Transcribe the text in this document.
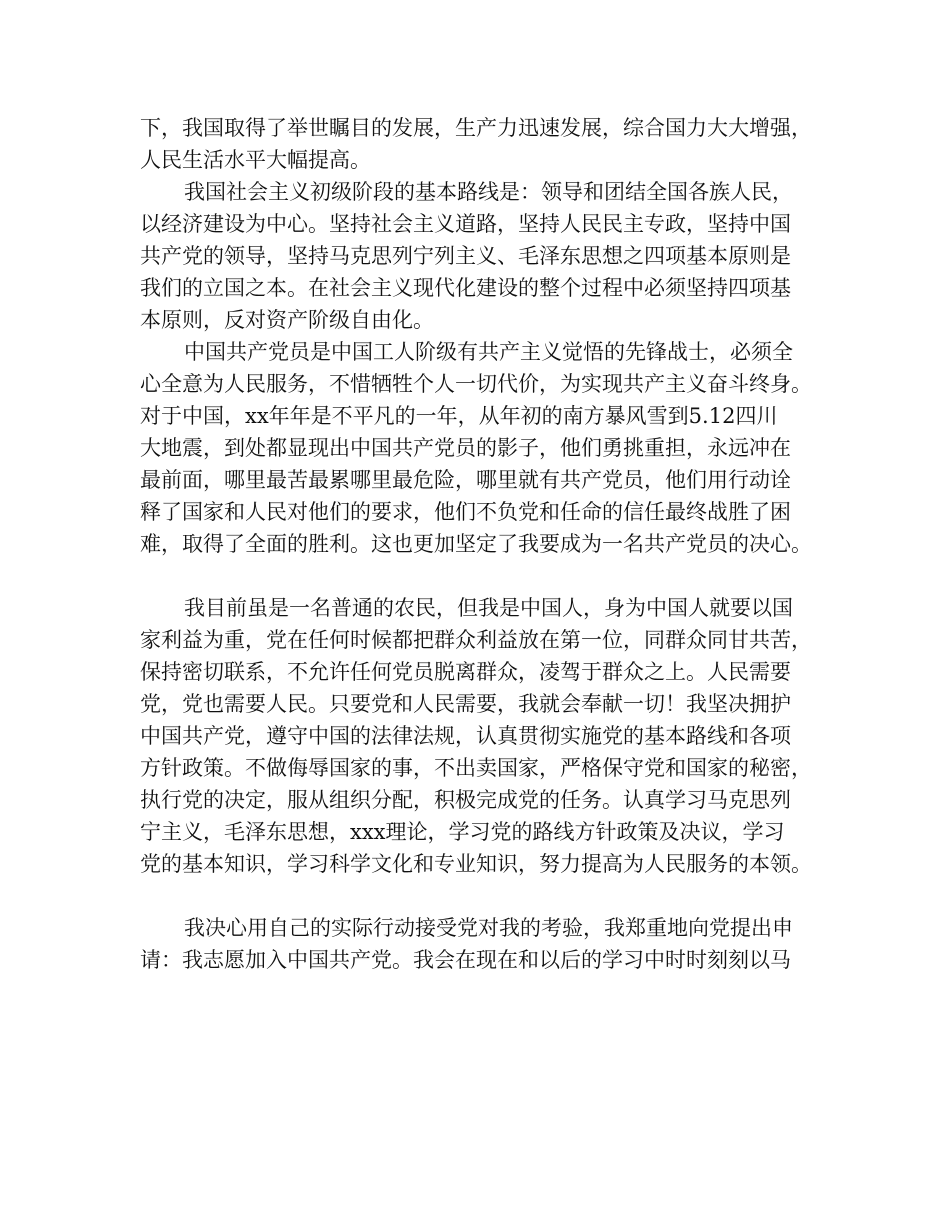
下，我国取得了举世瞩目的发展，生产力迅速发展，综合国力大大增强，
人民生活水平大幅提高。
我国社会主义初级阶段的基本路线是：领导和团结全国各族人民，
以经济建设为中心。坚持社会主义道路，坚持人民民主专政，坚持中国
共产党的领导，坚持马克思列宁列主义、毛泽东思想之四项基本原则是
我们的立国之本。在社会主义现代化建设的整个过程中必须坚持四项基
本原则，反对资产阶级自由化。
中国共产党员是中国工人阶级有共产主义觉悟的先锋战士，必须全
心全意为人民服务，不惜牺牲个人一切代价，为实现共产主义奋斗终身。
对于中国，xx年年是不平凡的一年，从年初的南方暴风雪到5.12四川
大地震，到处都显现出中国共产党员的影子，他们勇挑重担，永远冲在
最前面，哪里最苦最累哪里最危险，哪里就有共产党员，他们用行动诠
释了国家和人民对他们的要求，他们不负党和任命的信任最终战胜了困
难，取得了全面的胜利。这也更加坚定了我要成为一名共产党员的决心。
我目前虽是一名普通的农民，但我是中国人，身为中国人就要以国
家利益为重，党在任何时候都把群众利益放在第一位，同群众同甘共苦，
保持密切联系，不允许任何党员脱离群众，凌驾于群众之上。人民需要
党，党也需要人民。只要党和人民需要，我就会奉献一切！我坚决拥护
中国共产党，遵守中国的法律法规，认真贯彻实施党的基本路线和各项
方针政策。不做侮辱国家的事，不出卖国家，严格保守党和国家的秘密，
执行党的决定，服从组织分配，积极完成党的任务。认真学习马克思列
宁主义，毛泽东思想，xxx理论，学习党的路线方针政策及决议，学习
党的基本知识，学习科学文化和专业知识，努力提高为人民服务的本领。
我决心用自己的实际行动接受党对我的考验，我郑重地向党提出申
请：我志愿加入中国共产党。我会在现在和以后的学习中时时刻刻以马
